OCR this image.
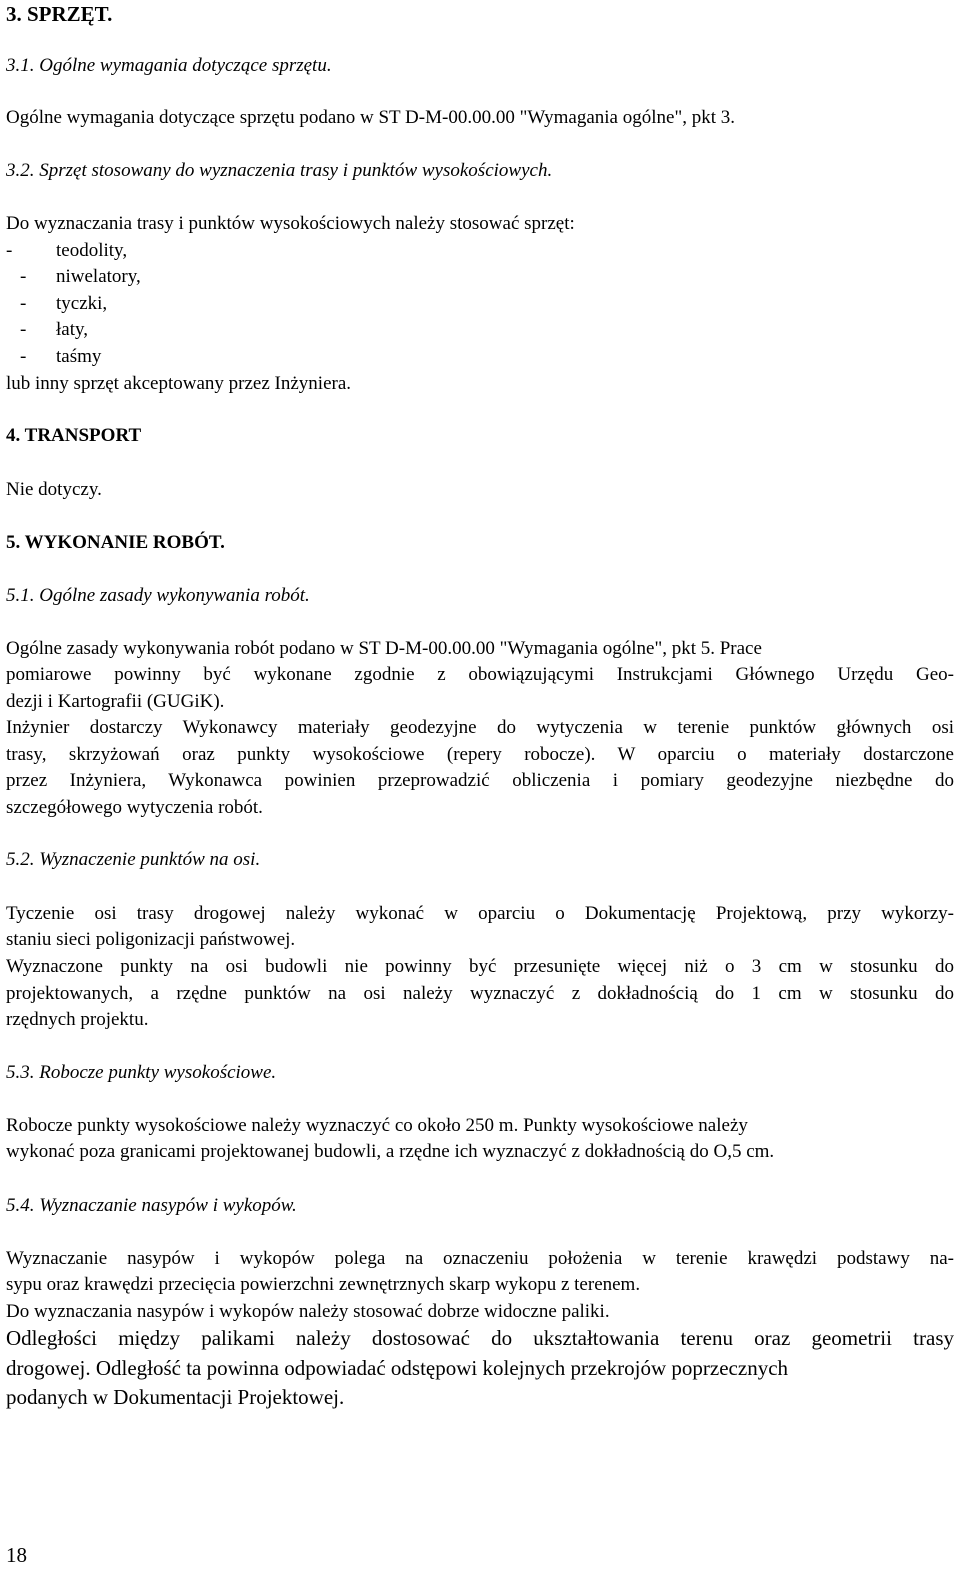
3. SPRZĘT.
3.1. Ogólne wymagania dotyczące sprzętu.
Ogólne wymagania dotyczące sprzętu podano w ST D-M-00.00.00 "Wymagania ogólne", pkt 3.
3.2. Sprzęt stosowany do wyznaczenia trasy i punktów wysokościowych.
Do wyznaczania trasy i punktów wysokościowych należy stosować sprzęt:
- teodolity,
- niwelatory,
- tyczki,
- łaty,
- taśmy
lub inny sprzęt akceptowany przez Inżyniera.
4. TRANSPORT
Nie dotyczy.
5. WYKONANIE ROBÓT.
5.1. Ogólne zasady wykonywania robót.
Ogólne zasady wykonywania robót podano w ST D-M-00.00.00 "Wymagania ogólne", pkt 5. Prace
pomiarowe powinny być wykonane zgodnie z obowiązującymi Instrukcjami Głównego Urzędu Geo-
dezji i Kartografii (GUGiK).
Inżynier dostarczy Wykonawcy materiały geodezyjne do wytyczenia w terenie punktów głównych osi
trasy, skrzyżowań oraz punkty wysokościowe (repery robocze). W oparciu o materiały dostarczone
przez Inżyniera, Wykonawca powinien przeprowadzić obliczenia i pomiary geodezyjne niezbędne do
szczegółowego wytyczenia robót.
5.2. Wyznaczenie punktów na osi.
Tyczenie osi trasy drogowej należy wykonać w oparciu o Dokumentację Projektową, przy wykorzy-
staniu sieci poligonizacji państwowej.
Wyznaczone punkty na osi budowli nie powinny być przesunięte więcej niż o 3 cm w stosunku do
projektowanych, a rzędne punktów na osi należy wyznaczyć z dokładnością do 1 cm w stosunku do
rzędnych projektu.
5.3. Robocze punkty wysokościowe.
Robocze punkty wysokościowe należy wyznaczyć co około 250 m. Punkty wysokościowe należy
wykonać poza granicami projektowanej budowli, a rzędne ich wyznaczyć z dokładnością do O,5 cm.
5.4. Wyznaczanie nasypów i wykopów.
Wyznaczanie nasypów i wykopów polega na oznaczeniu położenia w terenie krawędzi podstawy na-
sypu oraz krawędzi przecięcia powierzchni zewnętrznych skarp wykopu z terenem.
Do wyznaczania nasypów i wykopów należy stosować dobrze widoczne paliki.
Odległości między palikami należy dostosować do ukształtowania terenu oraz geometrii trasy
drogowej. Odległość ta powinna odpowiadać odstępowi kolejnych przekrojów poprzecznych
podanych w Dokumentacji Projektowej.
18
